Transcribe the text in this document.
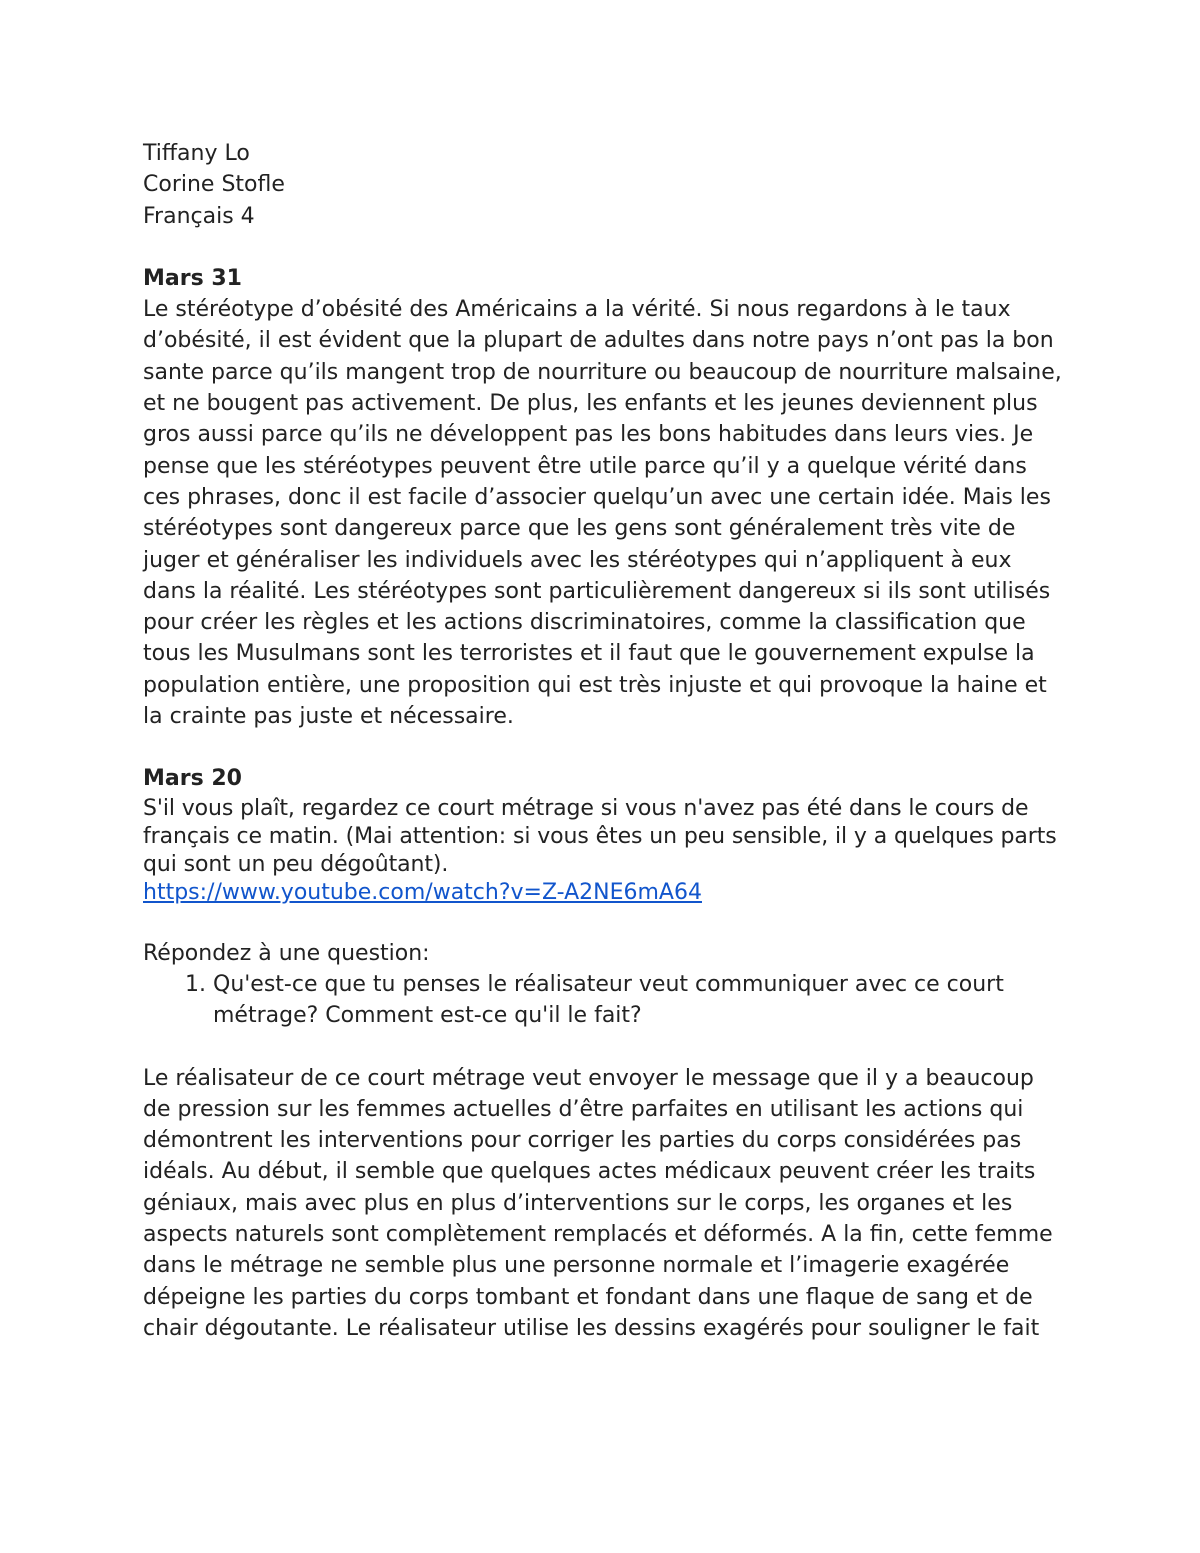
Tiffany Lo
Corine Stofle
Français 4
Mars 31

Le stéréotype d’obésité des Américains a la vérité. Si nous regardons à le taux d’obésité, il est évident que la plupart de adultes dans notre pays n’ont pas la bon sante parce qu’ils mangent trop de nourriture ou beaucoup de nourriture malsaine, et ne bougent pas activement. De plus, les enfants et les jeunes deviennent plus gros aussi parce qu’ils ne développent pas les bons habitudes dans leurs vies. Je pense que les stéréotypes peuvent être utile parce qu’il y a quelque vérité dans ces phrases, donc il est facile d’associer quelqu’un avec une certain idée. Mais les stéréotypes sont dangereux parce que les gens sont généralement très vite de juger et généraliser les individuels avec les stéréotypes qui n’appliquent à eux dans la réalité. Les stéréotypes sont particulièrement dangereux si ils sont utilisés pour créer les règles et les actions discriminatoires, comme la classification que tous les Musulmans sont les terroristes et il faut que le gouvernement expulse la population entière, une proposition qui est très injuste et qui provoque la haine et la crainte pas juste et nécessaire.

Mars 20

S'il vous plaît, regardez ce court métrage si vous n'avez pas été dans le cours de français ce matin. (Mai attention: si vous êtes un peu sensible, il y a quelques parts qui sont un peu dégoûtant).

https://www.youtube.com/watch?v=Z-A2NE6mA64
Répondez à une question:
1. Qu'est-ce que tu penses le réalisateur veut communiquer avec ce court métrage? Comment est-ce qu'il le fait?

Le réalisateur de ce court métrage veut envoyer le message que il y a beaucoup de pression sur les femmes actuelles d’être parfaites en utilisant les actions qui démontrent les interventions pour corriger les parties du corps considérées pas idéals. Au début, il semble que quelques actes médicaux peuvent créer les traits géniaux, mais avec plus en plus d’interventions sur le corps, les organes et les aspects naturels sont complètement remplacés et déformés. A la fin, cette femme dans le métrage ne semble plus une personne normale et l’imagerie exagérée dépeigne les parties du corps tombant et fondant dans une flaque de sang et de chair dégoutante. Le réalisateur utilise les dessins exagérés pour souligner le fait
